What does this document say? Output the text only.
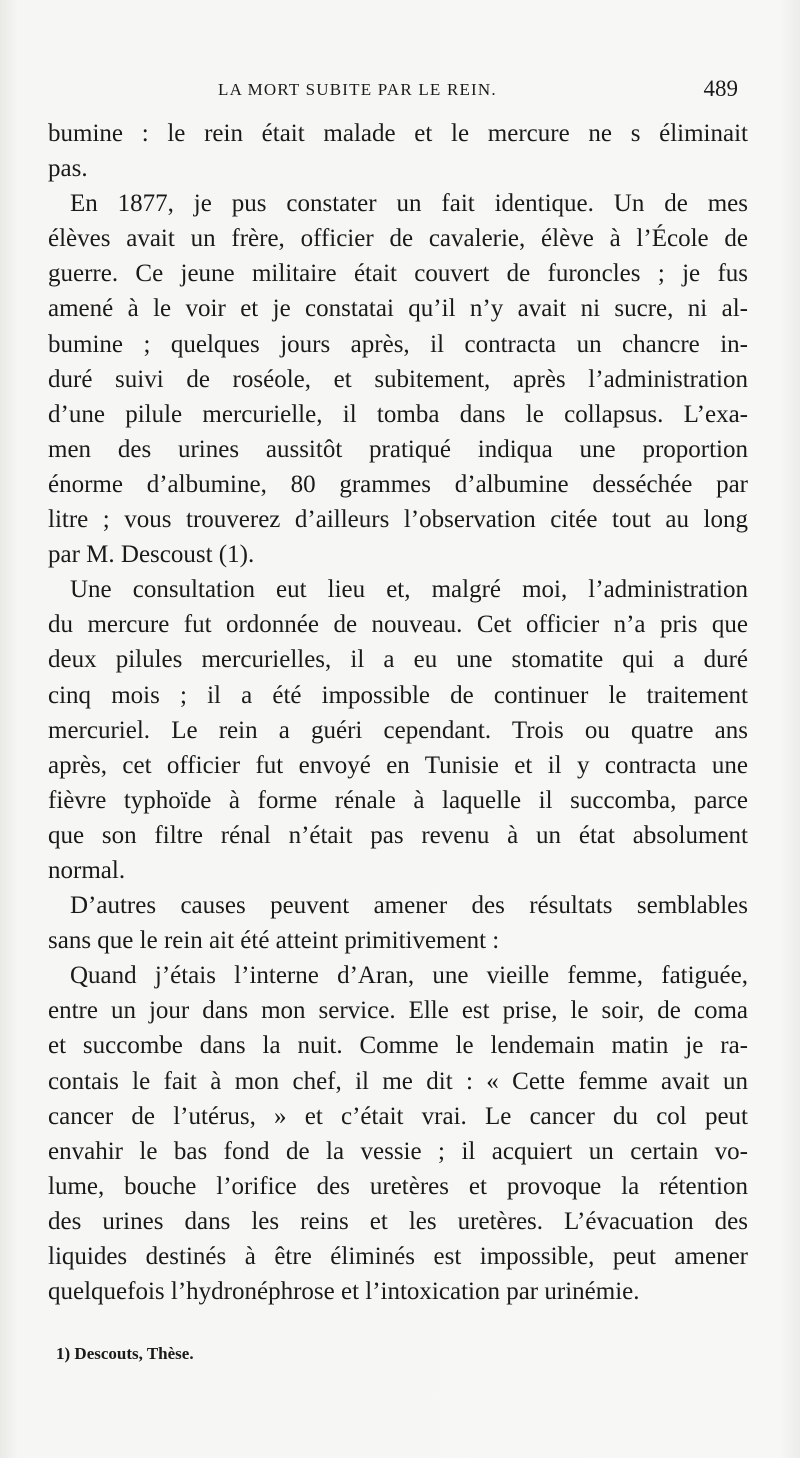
LA MORT SUBITE PAR LE REIN.	489
bumine : le rein était malade et le mercure ne s éliminait
pas.
En 1877, je pus constater un fait identique. Un de mes
élèves avait un frère, officier de cavalerie, élève à l’École de
guerre. Ce jeune militaire était couvert de furoncles ; je fus
amené à le voir et je constatai qu’il n’y avait ni sucre, ni al-
bumine ; quelques jours après, il contracta un chancre in-
duré suivi de roséole, et subitement, après l’administration
d’une pilule mercurielle, il tomba dans le collapsus. L’exa-
men des urines aussitôt pratiqué indiqua une proportion
énorme d’albumine, 80 grammes d’albumine desséchée par
litre ; vous trouverez d’ailleurs l’observation citée tout au long
par M. Descoust (1).
Une consultation eut lieu et, malgré moi, l’administration
du mercure fut ordonnée de nouveau. Cet officier n’a pris que
deux pilules mercurielles, il a eu une stomatite qui a duré
cinq mois ; il a été impossible de continuer le traitement
mercuriel. Le rein a guéri cependant. Trois ou quatre ans
après, cet officier fut envoyé en Tunisie et il y contracta une
fièvre typhoïde à forme rénale à laquelle il succomba, parce
que son filtre rénal n’était pas revenu à un état absolument
normal.
D’autres causes peuvent amener des résultats semblables
sans que le rein ait été atteint primitivement :
Quand j’étais l’interne d’Aran, une vieille femme, fatiguée,
entre un jour dans mon service. Elle est prise, le soir, de coma
et succombe dans la nuit. Comme le lendemain matin je ra-
contais le fait à mon chef, il me dit : « Cette femme avait un
cancer de l’utérus, » et c’était vrai. Le cancer du col peut
envahir le bas fond de la vessie ; il acquiert un certain vo-
lume, bouche l’orifice des uretères et provoque la rétention
des urines dans les reins et les uretères. L’évacuation des
liquides destinés à être éliminés est impossible, peut amener
quelquefois l’hydronéphrose et l’intoxication par urinémie.
1) Descouts, Thèse.
